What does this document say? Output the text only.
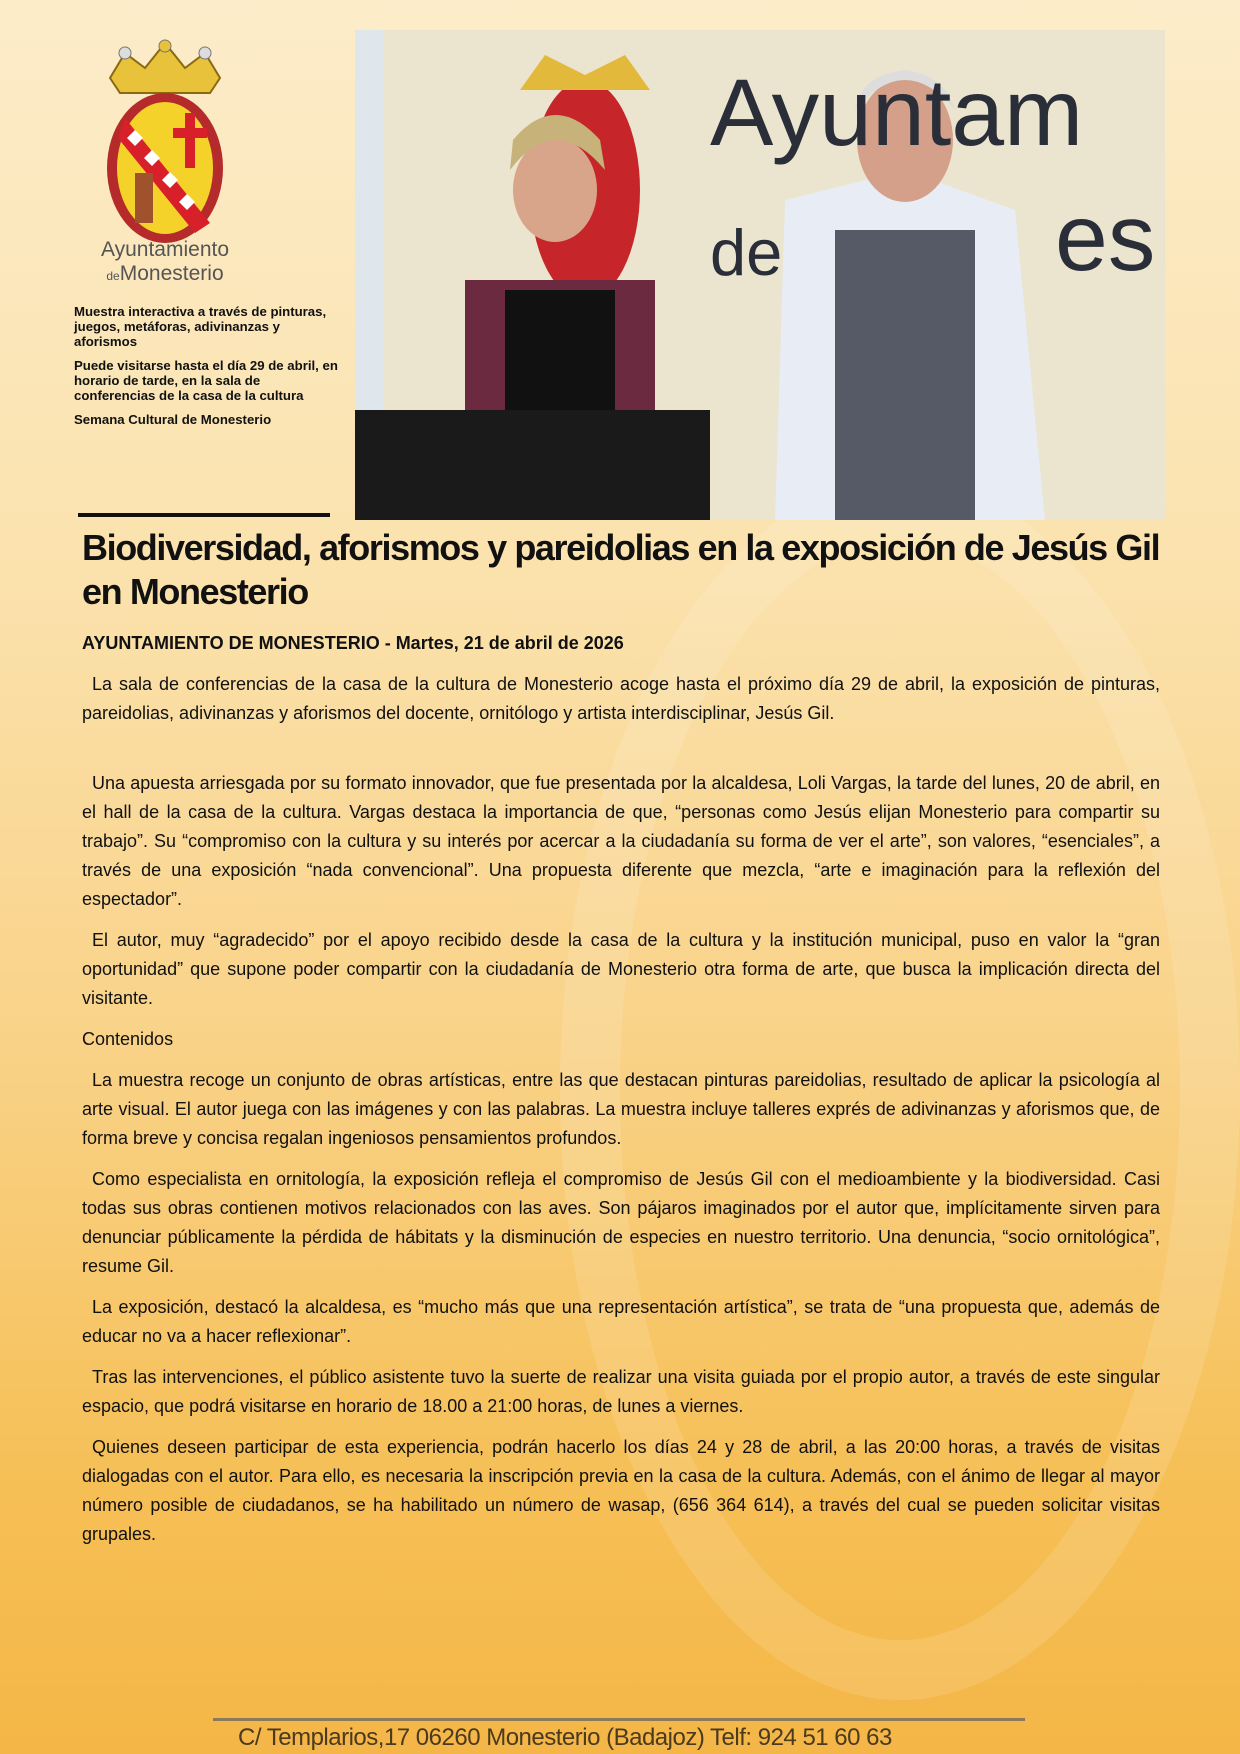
Ayuntamiento
deMonesterio

Muestra interactiva a través de pinturas, juegos, metáforas, adivinanzas y aforismos

Puede visitarse hasta el día 29 de abril, en horario de tarde, en la sala de conferencias de la casa de la cultura

Semana Cultural de Monesterio

Ayuntam
de	es
Biodiversidad, aforismos y pareidolias en la exposición de Jesús Gil en Monesterio
AYUNTAMIENTO DE MONESTERIO - Martes, 21 de abril de 2026

La sala de conferencias de la casa de la cultura de Monesterio acoge hasta el próximo día 29 de abril, la exposición de pinturas, pareidolias, adivinanzas y aforismos del docente, ornitólogo y artista interdisciplinar, Jesús Gil.

Una apuesta arriesgada por su formato innovador, que fue presentada por la alcaldesa, Loli Vargas, la tarde del lunes, 20 de abril, en el hall de la casa de la cultura. Vargas destaca la importancia de que, “personas como Jesús elijan Monesterio para compartir su trabajo”. Su “compromiso con la cultura y su interés por acercar a la ciudadanía su forma de ver el arte”, son valores, “esenciales”, a través de una exposición “nada convencional”. Una propuesta diferente que mezcla, “arte e imaginación para la reflexión del espectador”.

El autor, muy “agradecido” por el apoyo recibido desde la casa de la cultura y la institución municipal, puso en valor la “gran oportunidad” que supone poder compartir con la ciudadanía de Monesterio otra forma de arte, que busca la implicación directa del visitante.

Contenidos

La muestra recoge un conjunto de obras artísticas, entre las que destacan pinturas pareidolias, resultado de aplicar la psicología al arte visual. El autor juega con las imágenes y con las palabras. La muestra incluye talleres exprés de adivinanzas y aforismos que, de forma breve y concisa regalan ingeniosos pensamientos profundos.

Como especialista en ornitología, la exposición refleja el compromiso de Jesús Gil con el medioambiente y la biodiversidad. Casi todas sus obras contienen motivos relacionados con las aves. Son pájaros imaginados por el autor que, implícitamente sirven para denunciar públicamente la pérdida de hábitats y la disminución de especies en nuestro territorio. Una denuncia, “socio ornitológica”, resume Gil.

La exposición, destacó la alcaldesa, es “mucho más que una representación artística”, se trata de “una propuesta que, además de educar no va a hacer reflexionar”.

Tras las intervenciones, el público asistente tuvo la suerte de realizar una visita guiada por el propio autor, a través de este singular espacio, que podrá visitarse en horario de 18.00 a 21:00 horas, de lunes a viernes.

Quienes deseen participar de esta experiencia, podrán hacerlo los días 24 y 28 de abril, a las 20:00 horas, a través de visitas dialogadas con el autor. Para ello, es necesaria la inscripción previa en la casa de la cultura. Además, con el ánimo de llegar al mayor número posible de ciudadanos, se ha habilitado un número de wasap, (656 364 614), a través del cual se pueden solicitar visitas grupales.

C/ Templarios,17 06260 Monesterio (Badajoz) Telf: 924 51 60 63
